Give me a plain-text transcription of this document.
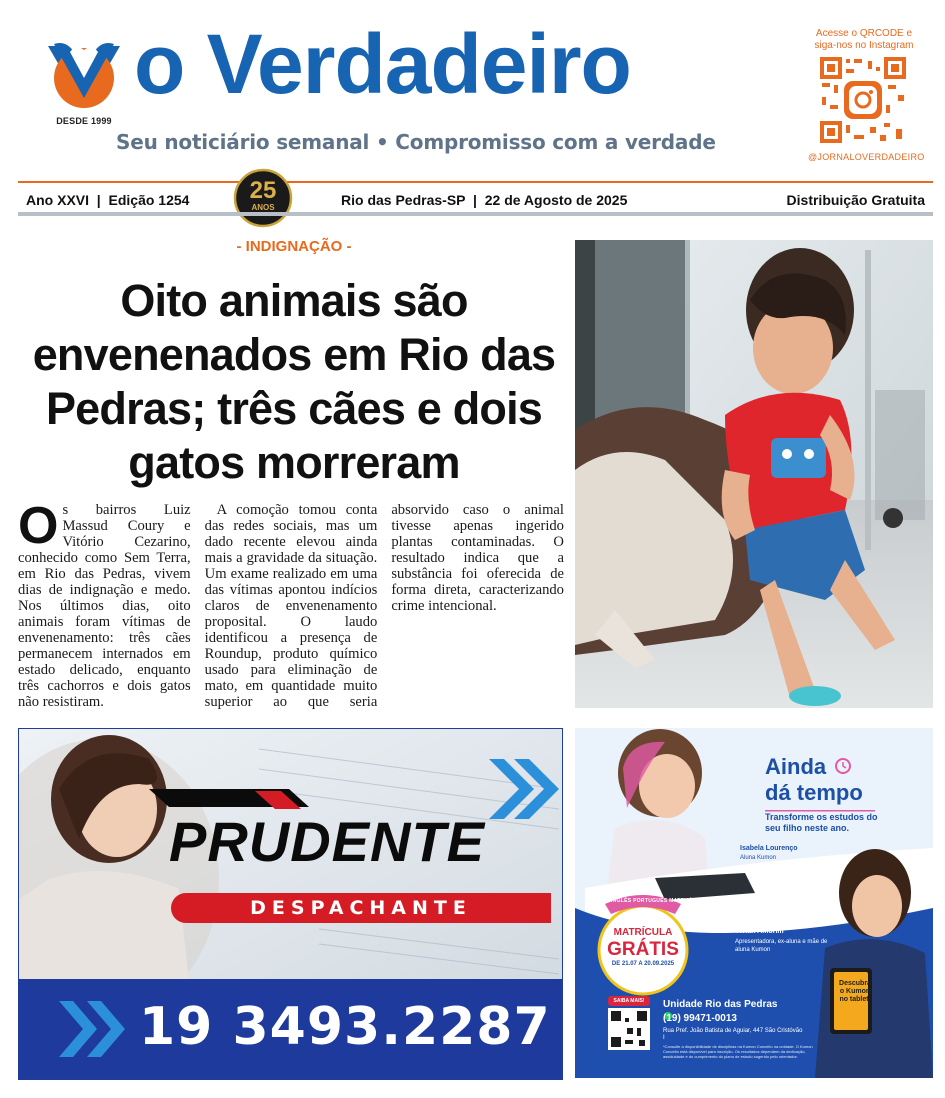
DESDE 1999
o Verdadeiro
Seu noticiário semanal • Compromisso com a verdade
Acesse o QRCODE e
siga-nos no Instagram
@JORNALOVERDADEIRO
Ano XXVI  |  Edição 1254	25
ANOS	Rio das Pedras-SP  |  22 de Agosto de 2025	Distribuição Gratuita
- INDIGNAÇÃO -
Oito animais são envenenados em Rio das Pedras; três cães e dois gatos morreram

Os bairros Luiz Massud Coury e Vitório Cezarino, conhecido como Sem Terra, em Rio das Pedras, vivem dias de indignação e medo. Nos últimos dias, oito animais foram vítimas de envenenamento: três cães permanecem internados em estado delicado, enquanto três cachorros e dois gatos não resistiram.

A comoção tomou conta das redes sociais, mas um dado recente elevou ainda mais a gravidade da situação. Um exame realizado em uma das vítimas apontou indícios claros de envenenamento proposital. O laudo identificou a presença de Roundup, produto químico usado para eliminação de mato, em quantidade muito superior ao que seria absorvido caso o animal tivesse apenas ingerido plantas contaminadas. O resultado indica que a substância foi oferecida de forma direta, caracterizando crime intencional.

PRUDENTE
DESPACHANTE
19 3493.2287
Ainda
dá tempo
Transforme os estudos do seu filho neste ano.
Isabela Lourenço
Aluna Kumon
INGLÊS PORTUGUÊS MATEMÁTICA
MATRÍCULA
GRÁTIS
DE 21.07 A 20.09.2025
Vivian Amorim
Apresentadora, ex-aluna e mãe de aluna Kumon
SAIBA MAIS!	Unidade Rio das Pedras
(19) 99471-0013
Rua Pref. João Batista de Aguiar, 447 São Cristóvão I
*Consulte a disponibilidade de disciplinas na Kumon Conceito na unidade. O Kumon Conceito está disponível para inscrição. Os resultados dependem da dedicação, assiduidade e do cumprimento do plano de estudo sugerido pelo orientador.
Descubra o Kumon no tablet.
